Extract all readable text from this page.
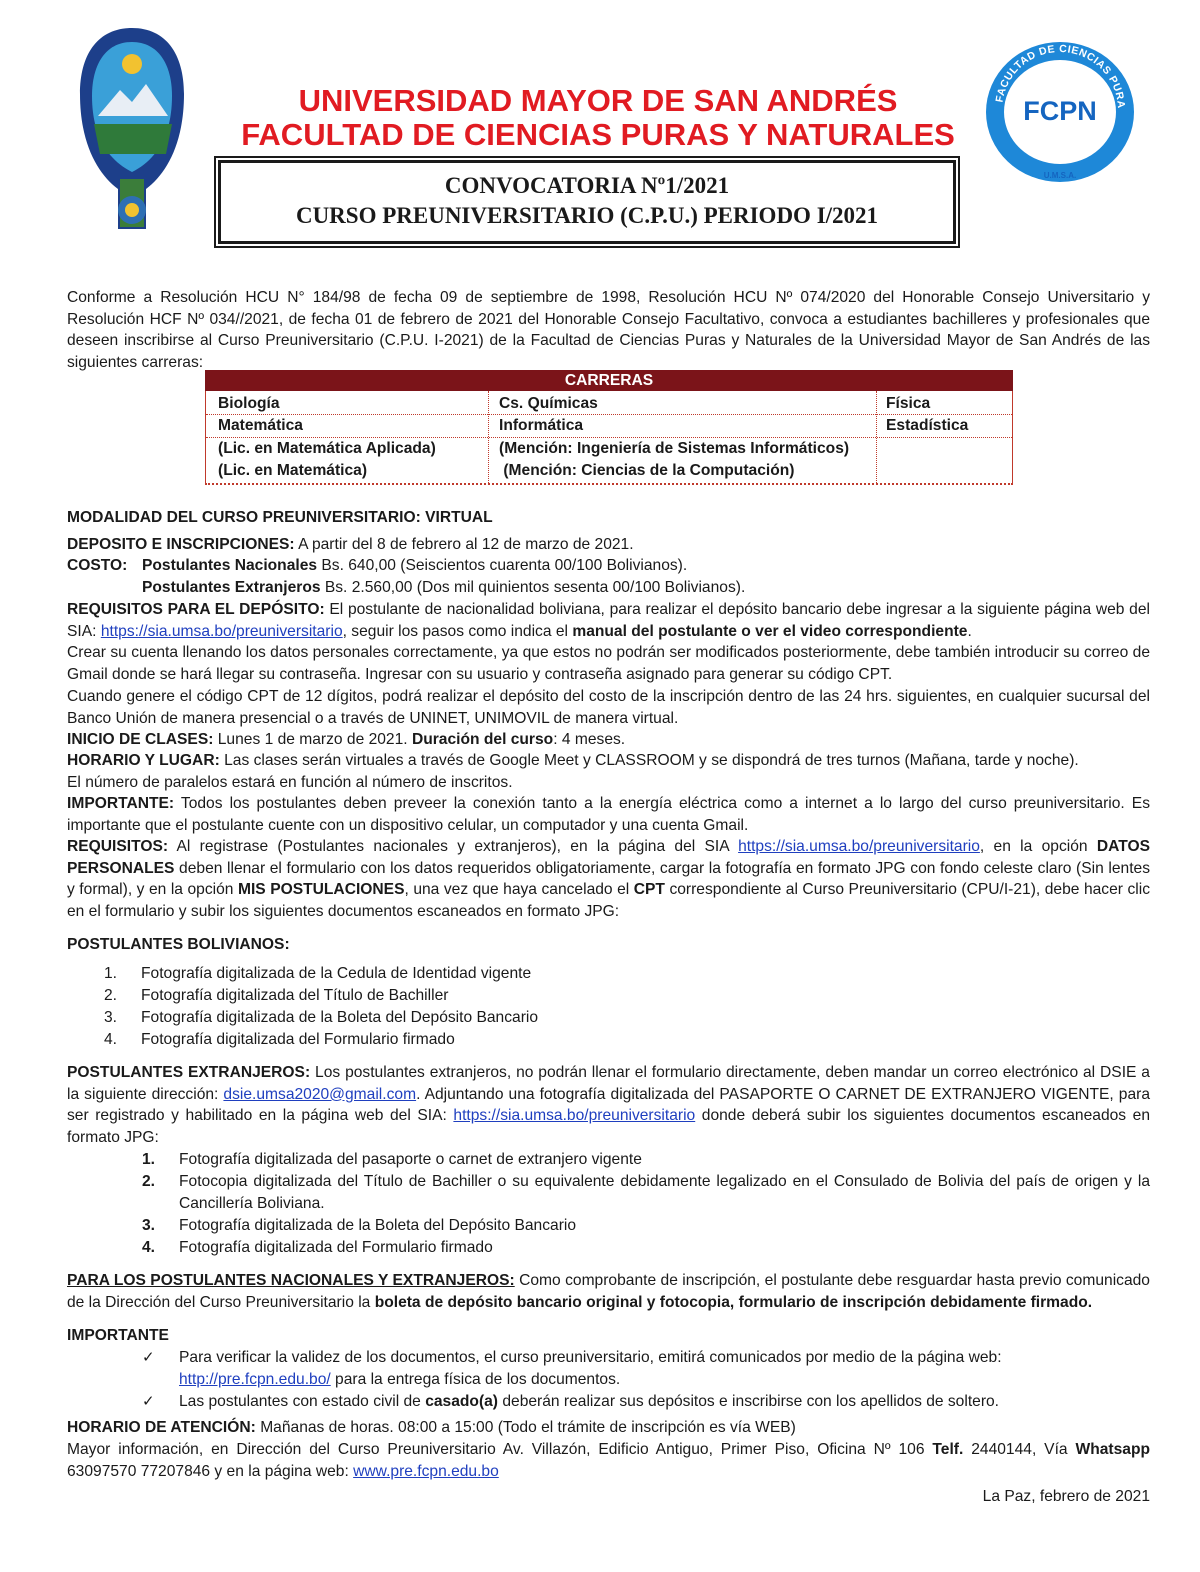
UNIVERSIDAD MAYOR DE SAN ANDRÉS
FACULTAD DE CIENCIAS PURAS Y NATURALES
FACULTAD DE CIENCIAS PURA
FCPN
U.M.S.A.
CONVOCATORIA Nº1/2021
CURSO PREUNIVERSITARIO (C.P.U.) PERIODO I/2021
Conforme a Resolución HCU N° 184/98 de fecha 09 de septiembre de 1998, Resolución HCU Nº 074/2020 del Honorable Consejo Universitario y Resolución HCF Nº 034//2021, de fecha 01 de febrero de 2021 del Honorable Consejo Facultativo, convoca a estudiantes bachilleres y profesionales que deseen inscribirse al Curso Preuniversitario (C.P.U. I-2021) de la Facultad de Ciencias Puras y Naturales de la Universidad Mayor de San Andrés de las siguientes carreras:
CARRERAS
Biología	Cs. Químicas	Física
Matemática	Informática	Estadística
(Lic. en Matemática Aplicada)	(Mención: Ingeniería de Sistemas Informáticos)
(Lic. en Matemática)	(Mención: Ciencias de la Computación)
MODALIDAD DEL CURSO PREUNIVERSITARIO: VIRTUAL
DEPOSITO E INSCRIPCIONES: A partir del 8 de febrero al 12 de marzo de 2021.
COSTO: Postulantes Nacionales Bs. 640,00 (Seiscientos cuarenta 00/100 Bolivianos).
Postulantes Extranjeros Bs. 2.560,00 (Dos mil quinientos sesenta 00/100 Bolivianos).
REQUISITOS PARA EL DEPÓSITO: El postulante de nacionalidad boliviana, para realizar el depósito bancario debe ingresar a la siguiente página web del SIA: https://sia.umsa.bo/preuniversitario, seguir los pasos como indica el manual del postulante o ver el video correspondiente.
Crear su cuenta llenando los datos personales correctamente, ya que estos no podrán ser modificados posteriormente, debe también introducir su correo de Gmail donde se hará llegar su contraseña. Ingresar con su usuario y contraseña asignado para generar su código CPT.
Cuando genere el código CPT de 12 dígitos, podrá realizar el depósito del costo de la inscripción dentro de las 24 hrs. siguientes, en cualquier sucursal del Banco Unión de manera presencial o a través de UNINET, UNIMOVIL de manera virtual.
INICIO DE CLASES: Lunes 1 de marzo de 2021. Duración del curso: 4 meses.
HORARIO Y LUGAR: Las clases serán virtuales a través de Google Meet y CLASSROOM y se dispondrá de tres turnos (Mañana, tarde y noche).
El número de paralelos estará en función al número de inscritos.
IMPORTANTE: Todos los postulantes deben preveer la conexión tanto a la energía eléctrica como a internet a lo largo del curso preuniversitario. Es importante que el postulante cuente con un dispositivo celular, un computador y una cuenta Gmail.
REQUISITOS: Al registrase (Postulantes nacionales y extranjeros), en la página del SIA https://sia.umsa.bo/preuniversitario, en la opción DATOS PERSONALES deben llenar el formulario con los datos requeridos obligatoriamente, cargar la fotografía en formato JPG con fondo celeste claro (Sin lentes y formal), y en la opción MIS POSTULACIONES, una vez que haya cancelado el CPT correspondiente al Curso Preuniversitario (CPU/I-21), debe hacer clic en el formulario y subir los siguientes documentos escaneados en formato JPG:
POSTULANTES BOLIVIANOS:
1. Fotografía digitalizada de la Cedula de Identidad vigente
2. Fotografía digitalizada del Título de Bachiller
3. Fotografía digitalizada de la Boleta del Depósito Bancario
4. Fotografía digitalizada del Formulario firmado
POSTULANTES EXTRANJEROS: Los postulantes extranjeros, no podrán llenar el formulario directamente, deben mandar un correo electrónico al DSIE a la siguiente dirección: dsie.umsa2020@gmail.com. Adjuntando una fotografía digitalizada del PASAPORTE O CARNET DE EXTRANJERO VIGENTE, para ser registrado y habilitado en la página web del SIA: https://sia.umsa.bo/preuniversitario donde deberá subir los siguientes documentos escaneados en formato JPG:
1. Fotografía digitalizada del pasaporte o carnet de extranjero vigente
2. Fotocopia digitalizada del Título de Bachiller o su equivalente debidamente legalizado en el Consulado de Bolivia del país de origen y la Cancillería Boliviana.
3. Fotografía digitalizada de la Boleta del Depósito Bancario
4. Fotografía digitalizada del Formulario firmado
PARA LOS POSTULANTES NACIONALES Y EXTRANJEROS: Como comprobante de inscripción, el postulante debe resguardar hasta previo comunicado de la Dirección del Curso Preuniversitario la boleta de depósito bancario original y fotocopia, formulario de inscripción debidamente firmado.
IMPORTANTE
✓ Para verificar la validez de los documentos, el curso preuniversitario, emitirá comunicados por medio de la página web: http://pre.fcpn.edu.bo/ para la entrega física de los documentos.
✓ Las postulantes con estado civil de casado(a) deberán realizar sus depósitos e inscribirse con los apellidos de soltero.
HORARIO DE ATENCIÓN: Mañanas de horas. 08:00 a 15:00 (Todo el trámite de inscripción es vía WEB)
Mayor información, en Dirección del Curso Preuniversitario Av. Villazón, Edificio Antiguo, Primer Piso, Oficina Nº 106 Telf. 2440144, Vía Whatsapp 63097570 77207846 y en la página web: www.pre.fcpn.edu.bo
La Paz, febrero de 2021
